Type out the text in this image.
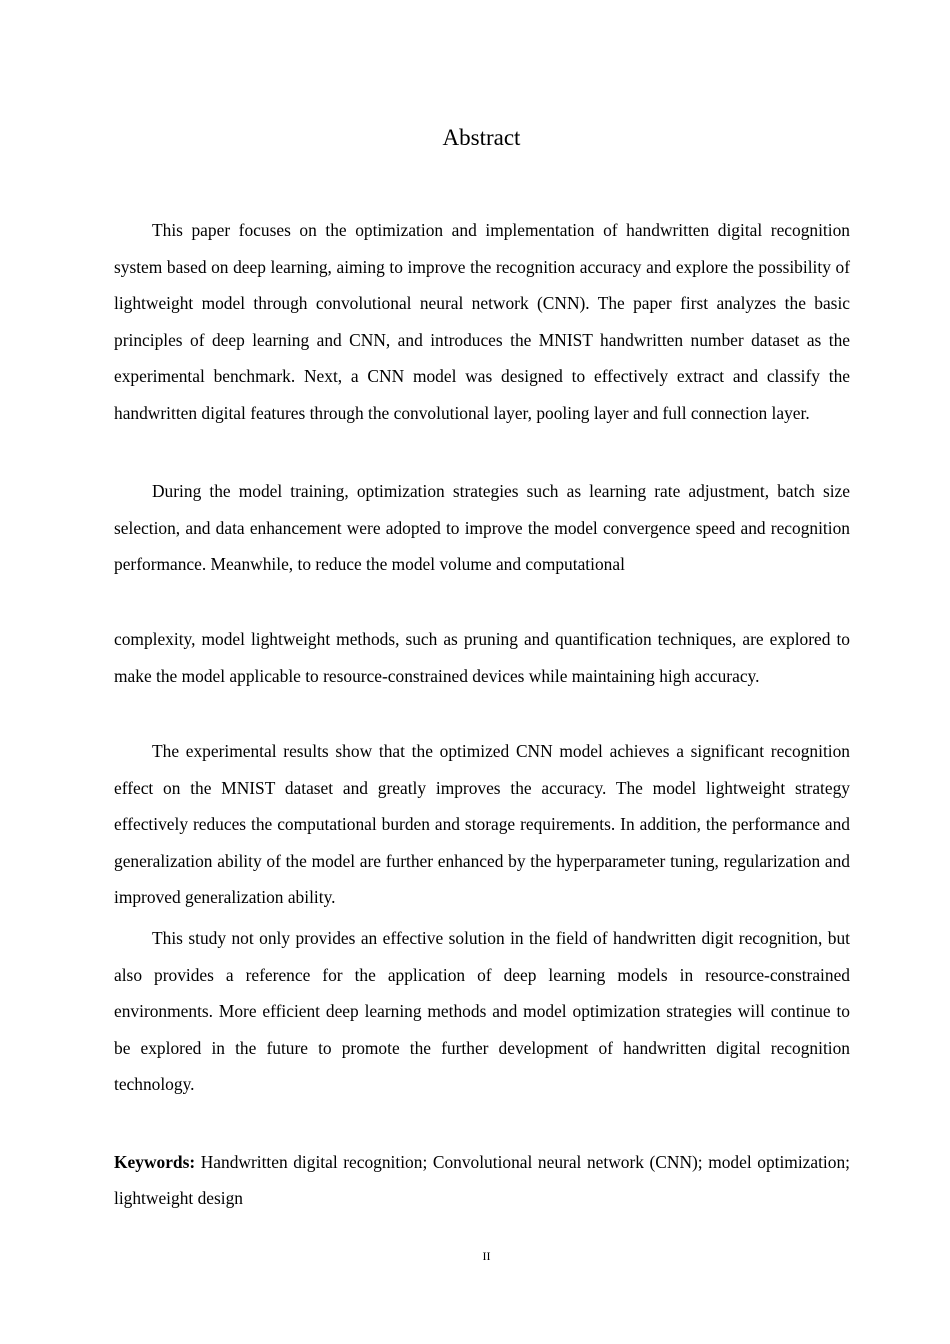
Abstract

This paper focuses on the optimization and implementation of handwritten digital recognition system based on deep learning, aiming to improve the recognition accuracy and explore the possibility of lightweight model through convolutional neural network (CNN). The paper first analyzes the basic principles of deep learning and CNN, and introduces the MNIST handwritten number dataset as the experimental benchmark. Next, a CNN model was designed to effectively extract and classify the handwritten digital features through the convolutional layer, pooling layer and full connection layer.

During the model training, optimization strategies such as learning rate adjustment, batch size selection, and data enhancement were adopted to improve the model convergence speed and recognition performance. Meanwhile, to reduce the model volume and computational

complexity, model lightweight methods, such as pruning and quantification techniques, are explored to make the model applicable to resource-constrained devices while maintaining high accuracy.

The experimental results show that the optimized CNN model achieves a significant recognition effect on the MNIST dataset and greatly improves the accuracy. The model lightweight strategy effectively reduces the computational burden and storage requirements. In addition, the performance and generalization ability of the model are further enhanced by the hyperparameter tuning, regularization and improved generalization ability.

This study not only provides an effective solution in the field of handwritten digit recognition, but also provides a reference for the application of deep learning models in resource-constrained environments. More efficient deep learning methods and model optimization strategies will continue to be explored in the future to promote the further development of handwritten digital recognition technology.

Keywords: Handwritten digital recognition; Convolutional neural network (CNN); model optimization; lightweight design

II
